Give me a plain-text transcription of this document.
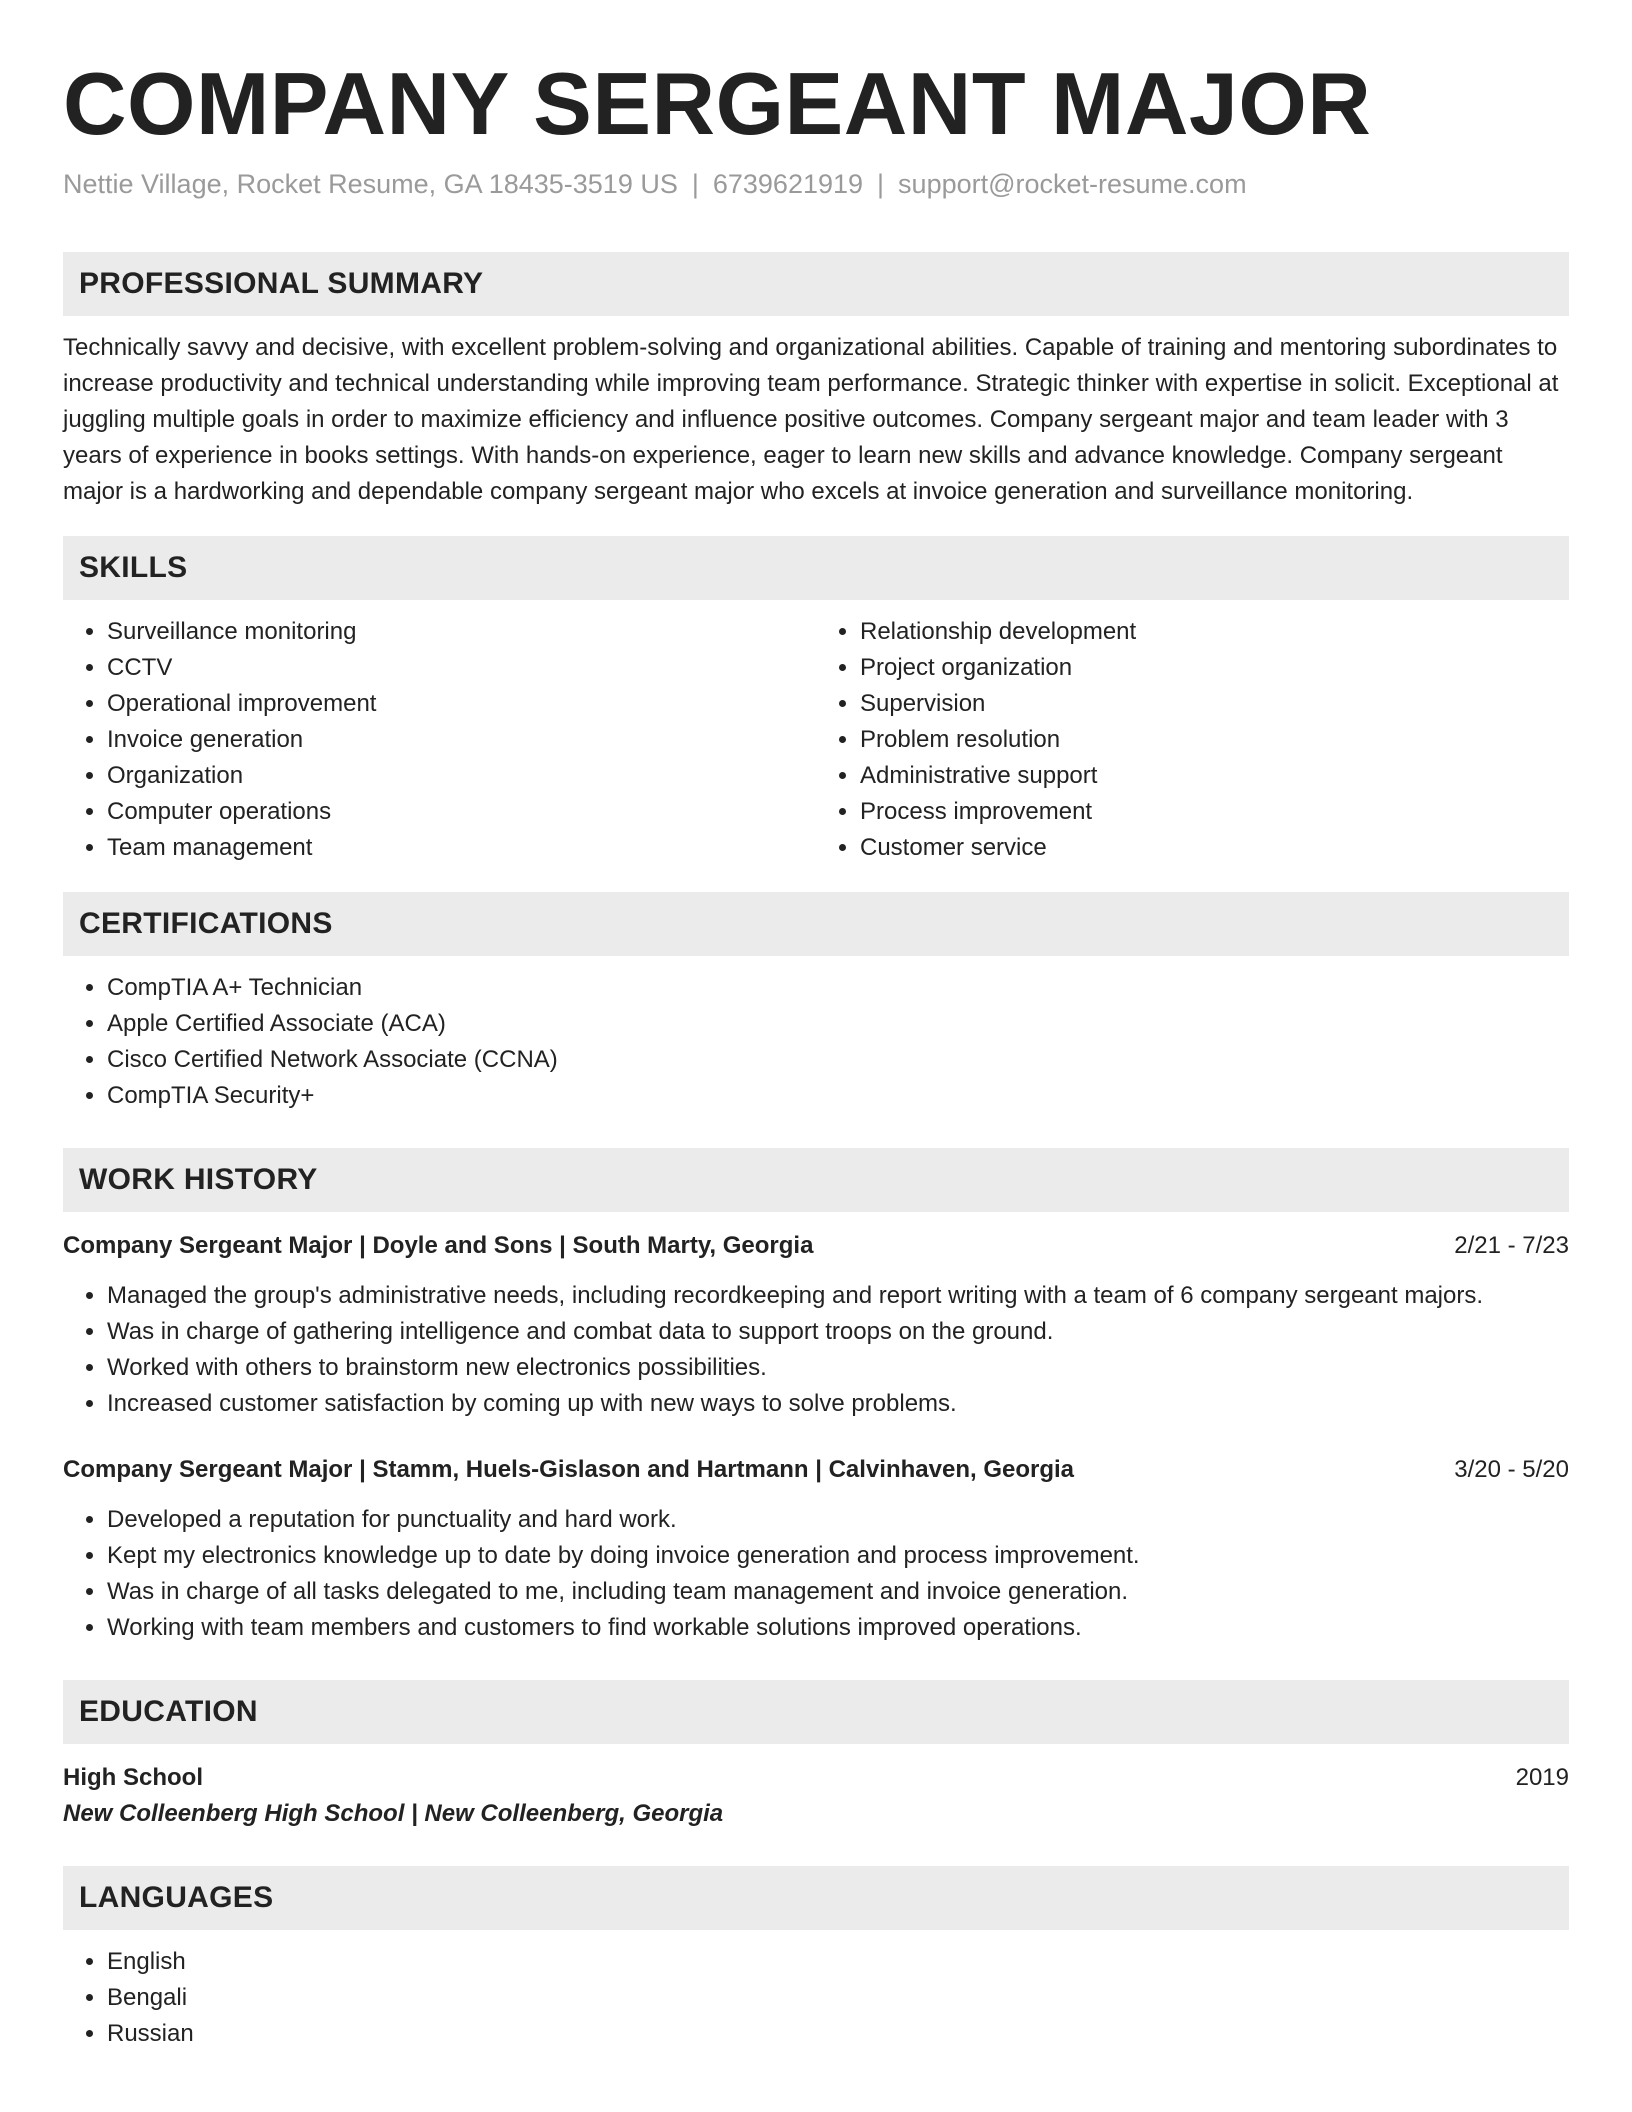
COMPANY SERGEANT MAJOR
Nettie Village, Rocket Resume, GA 18435-3519 US | 6739621919 | support@rocket-resume.com
PROFESSIONAL SUMMARY

Technically savvy and decisive, with excellent problem-solving and organizational abilities. Capable of training and mentoring subordinates to increase productivity and technical understanding while improving team performance. Strategic thinker with expertise in solicit. Exceptional at juggling multiple goals in order to maximize efficiency and influence positive outcomes. Company sergeant major and team leader with 3 years of experience in books settings. With hands-on experience, eager to learn new skills and advance knowledge. Company sergeant major is a hardworking and dependable company sergeant major who excels at invoice generation and surveillance monitoring.

SKILLS
• Surveillance monitoring
• CCTV
• Operational improvement
• Invoice generation
• Organization
• Computer operations
• Team management
• Relationship development
• Project organization
• Supervision
• Problem resolution
• Administrative support
• Process improvement
• Customer service
CERTIFICATIONS
• CompTIA A+ Technician
• Apple Certified Associate (ACA)
• Cisco Certified Network Associate (CCNA)
• CompTIA Security+
WORK HISTORY
Company Sergeant Major | Doyle and Sons | South Marty, Georgia	2/21 - 7/23
• Managed the group's administrative needs, including recordkeeping and report writing with a team of 6 company sergeant majors.
• Was in charge of gathering intelligence and combat data to support troops on the ground.
• Worked with others to brainstorm new electronics possibilities.
• Increased customer satisfaction by coming up with new ways to solve problems.
Company Sergeant Major | Stamm, Huels-Gislason and Hartmann | Calvinhaven, Georgia	3/20 - 5/20
• Developed a reputation for punctuality and hard work.
• Kept my electronics knowledge up to date by doing invoice generation and process improvement.
• Was in charge of all tasks delegated to me, including team management and invoice generation.
• Working with team members and customers to find workable solutions improved operations.
EDUCATION
High School	2019
New Colleenberg High School | New Colleenberg, Georgia
LANGUAGES
• English
• Bengali
• Russian
